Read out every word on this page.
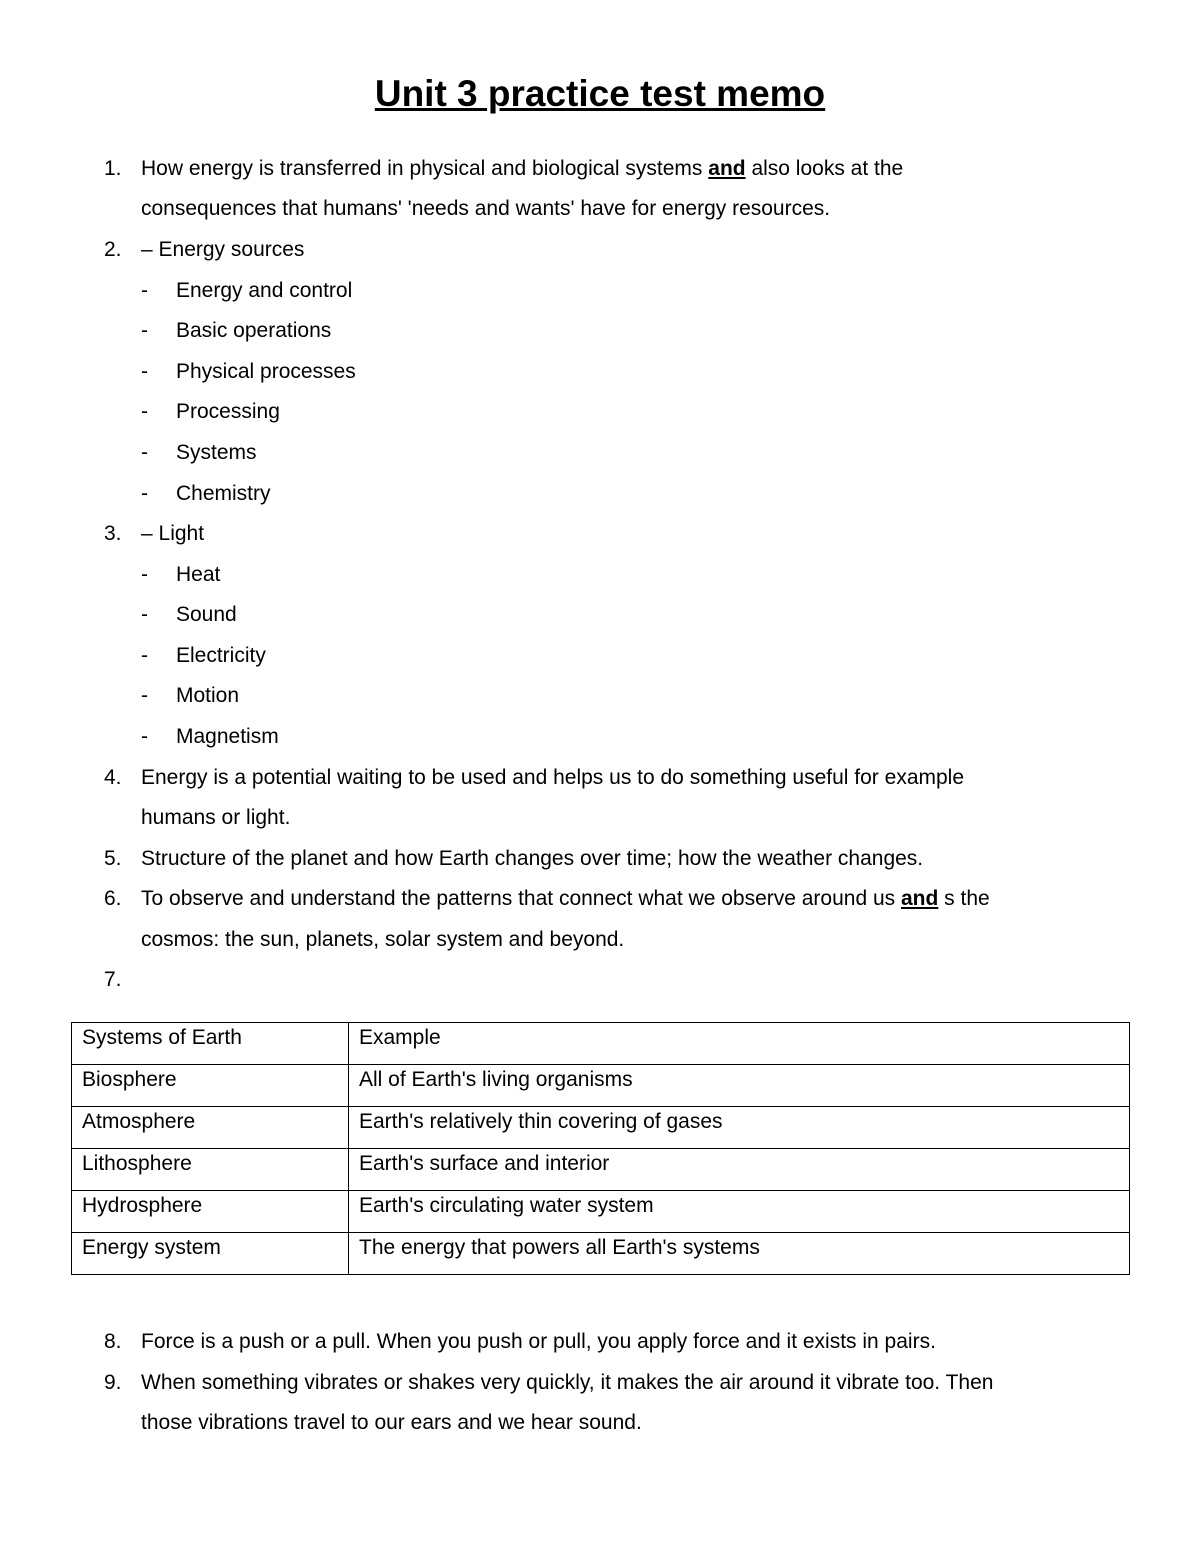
Unit 3 practice test memo
1. How energy is transferred in physical and biological systems and also looks at the
consequences that humans' 'needs and wants' have for energy resources.
2. – Energy sources
- Energy and control
- Basic operations
- Physical processes
- Processing
- Systems
- Chemistry
3. – Light
- Heat
- Sound
- Electricity
- Motion
- Magnetism
4. Energy is a potential waiting to be used and helps us to do something useful for example
humans or light.
5. Structure of the planet and how Earth changes over time; how the weather changes.
6. To observe and understand the patterns that connect what we observe around us and s the
cosmos: the sun, planets, solar system and beyond.
7.
Systems of Earth	Example
Biosphere	All of Earth's living organisms
Atmosphere	Earth's relatively thin covering of gases
Lithosphere	Earth's surface and interior
Hydrosphere	Earth's circulating water system
Energy system	The energy that powers all Earth's systems
8. Force is a push or a pull. When you push or pull, you apply force and it exists in pairs.
9. When something vibrates or shakes very quickly, it makes the air around it vibrate too. Then
those vibrations travel to our ears and we hear sound.
